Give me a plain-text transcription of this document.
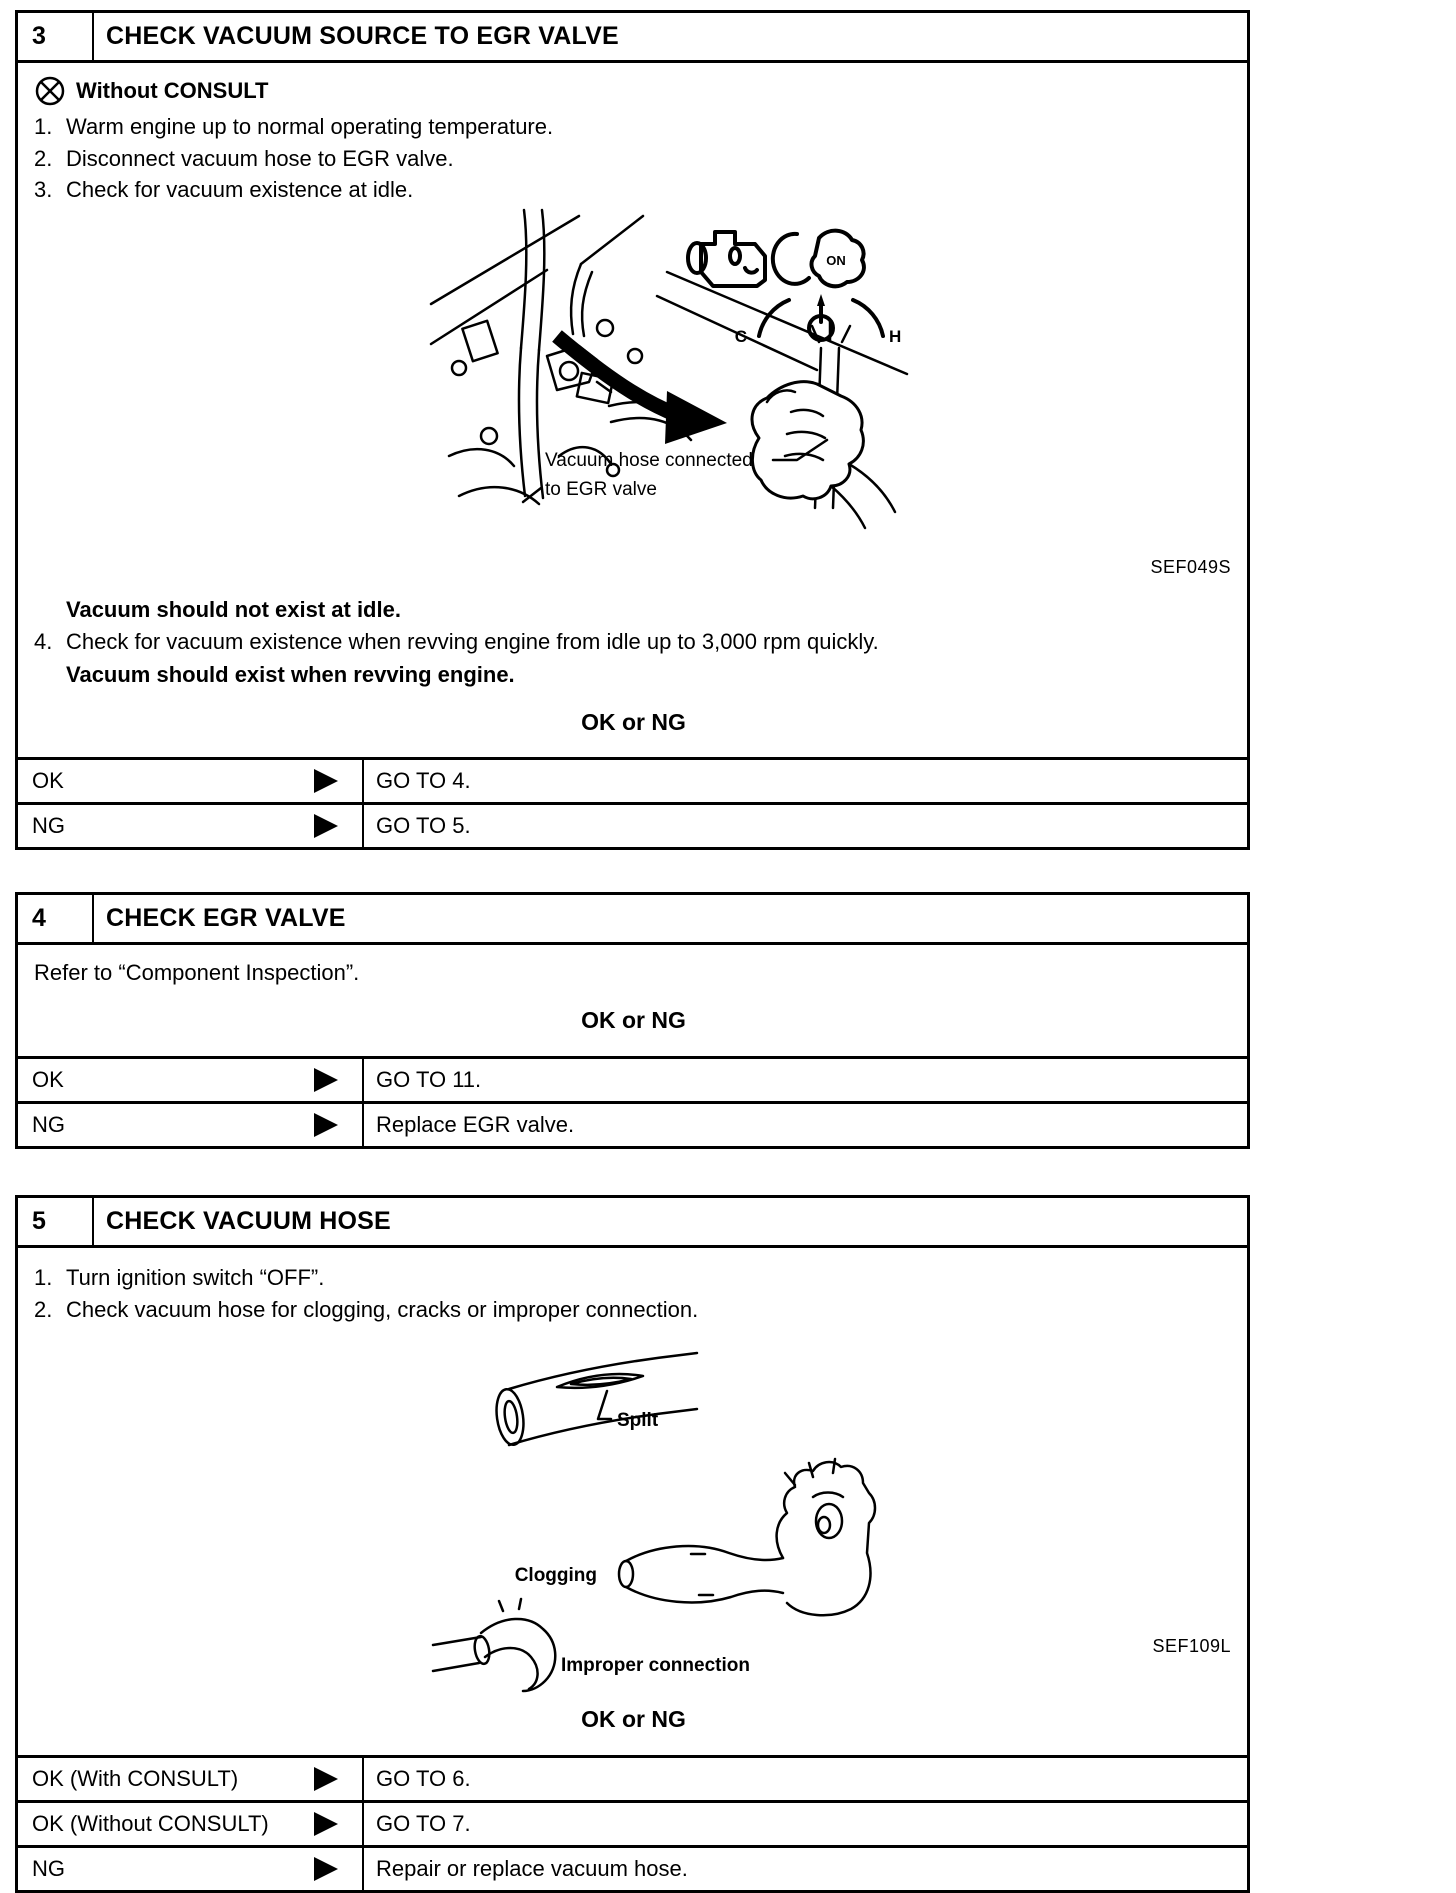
3	CHECK VACUUM SOURCE TO EGR VALVE
Without CONSULT
1. Warm engine up to normal operating temperature.
2. Disconnect vacuum hose to EGR valve.
3. Check for vacuum existence at idle.
ON
C	H
Vacuum hose connected
to EGR valve
SEF049S
Vacuum should not exist at idle.
4. Check for vacuum existence when revving engine from idle up to 3,000 rpm quickly.
Vacuum should exist when revving engine.
OK or NG
OK	GO TO 4.
NG	GO TO 5.
4	CHECK EGR VALVE
Refer to “Component Inspection”.
OK or NG
OK	GO TO 11.
NG	Replace EGR valve.
5	CHECK VACUUM HOSE
1. Turn ignition switch “OFF”.
2. Check vacuum hose for clogging, cracks or improper connection.
Split
Clogging
Improper connection
SEF109L
OK or NG
OK (With CONSULT)	GO TO 6.
OK (Without CONSULT)	GO TO 7.
NG	Repair or replace vacuum hose.
